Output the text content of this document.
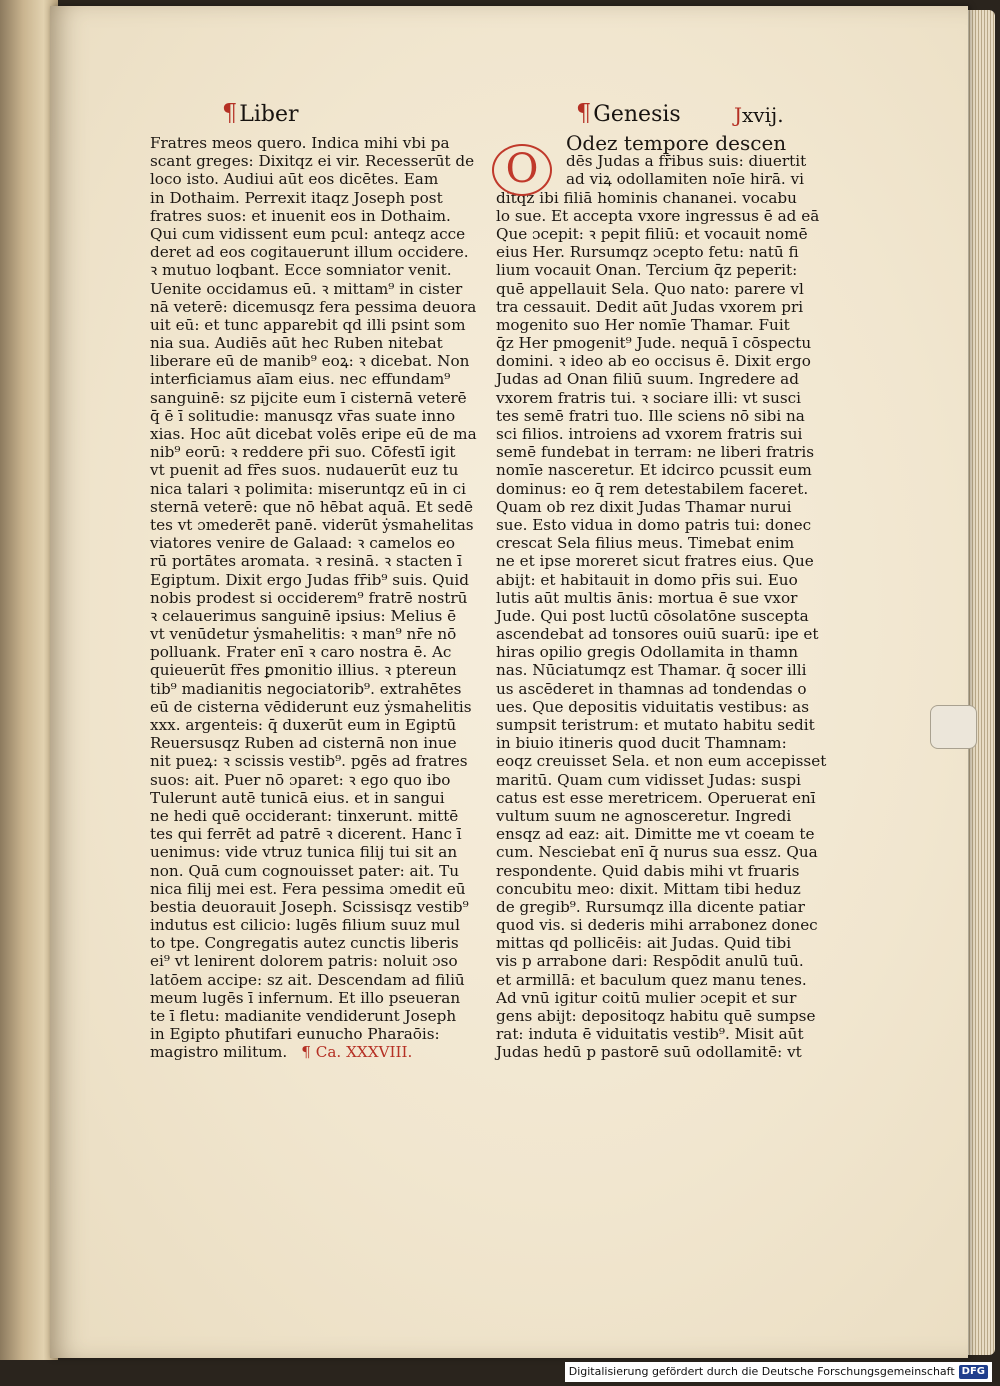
¶Liber	¶Genesis	Jxvij.
Fratres meos quero. Indica mihi vbi pa
scant greges: Dixitqz ei vir. Recesserūt de
loco isto. Audiui aūt eos dicētes. Eam
in Dothaim. Perrexit itaqz Joseph post
fratres suos: et inuenit eos in Dothaim.
Qui cum vidissent eum pcul: anteqz acce
deret ad eos cogitauerunt illum occidere.
ꝛ mutuo loqbant. Ecce somniator venit.
Uenite occidamus eū. ꝛ mittam⁹ in cister
nā veterē: dicemusqz fera pessima deuora
uit eū: et tunc apparebit qd illi psint som
nia sua. Audiēs aūt hec Ruben nitebat
liberare eū de manib⁹ eoꝝ: ꝛ dicebat. Non
interficiamus aīam eius. nec effundam⁹
sanguinē: sz pijcite eum ī cisternā veterē
q̄ ē ī solitudie: manusqz vr̄as suate inno
xias. Hoc aūt dicebat volēs eripe eū de ma
nib⁹ eorū: ꝛ reddere pr̄i suo. Cōfestī igit
vt puenit ad fr̄es suos. nudauerūt euz tu
nica talari ꝛ polimita: miseruntqz eū in ci
sternā veterē: que nō hēbat aquā. Et sedē
tes vt ɔmederēt panē. viderūt ẏsmahelitas
viatores venire de Galaad: ꝛ camelos eo
rū portātes aromata. ꝛ resinā. ꝛ stacten ī
Egiptum. Dixit ergo Judas fr̄ib⁹ suis. Quid
nobis prodest si occiderem⁹ fratrē nostrū
ꝛ celauerimus sanguinē ipsius: Melius ē
vt venūdetur ẏsmahelitis: ꝛ man⁹ nr̄e nō
polluank. Frater enī ꝛ caro nostra ē. Ac
quieuerūt fr̄es ꝑmonitio illius. ꝛ ptereun
tib⁹ madianitis negociatorib⁹. extrahētes
eū de cisterna vēdiderunt euz ẏsmahelitis
xxx. argenteis: q̄ duxerūt eum in Egiptū
Reuersusqz Ruben ad cisternā non inue
nit pueꝝ: ꝛ scissis vestib⁹. pgēs ad fratres
suos: ait. Puer nō ɔparet: ꝛ ego quo ibo
Tulerunt autē tunicā eius. et in sangui
ne hedi quē occiderant: tinxerunt. mittē
tes qui ferrēt ad patrē ꝛ dicerent. Hanc ī
uenimus: vide vtruz tunica filij tui sit an
non. Quā cum cognouisset pater: ait. Tu
nica filij mei est. Fera pessima ɔmedit eū
bestia deuorauit Joseph. Scissisqz vestib⁹
indutus est cilicio: lugēs filium suuz mul
to tpe. Congregatis autez cunctis liberis
ei⁹ vt lenirent dolorem patris: noluit ɔso
latōem accipe: sz ait. Descendam ad filiū
meum lugēs ī infernum. Et illo pseueran
te ī fletu: madianite vendiderunt Joseph
in Egipto pħutifari eunucho Pharaōis:
magistro militum. ¶ Ca. XXXVIII.
Odez tempore descen
dēs Judas a fr̄ibus suis: diuertit
ad viꝝ odollamiten noīe hirā. vi
ditqz ibi filiā hominis chananei. vocabu
lo sue. Et accepta vxore ingressus ē ad eā
Que ɔcepit: ꝛ pepit filiū: et vocauit nomē
eius Her. Rursumqz ɔcepto fetu: natū fi
lium vocauit Onan. Tercium q̄z peperit:
quē appellauit Sela. Quo nato: parere vl
tra cessauit. Dedit aūt Judas vxorem pri
mogenito suo Her nomīe Thamar. Fuit
q̄z Her pmogenit⁹ Jude. nequā ī cōspectu
domini. ꝛ ideo ab eo occisus ē. Dixit ergo
Judas ad Onan filiū suum. Ingredere ad
vxorem fratris tui. ꝛ sociare illi: vt susci
tes semē fratri tuo. Ille sciens nō sibi na
sci filios. introiens ad vxorem fratris sui
semē fundebat in terram: ne liberi fratris
nomīe nasceretur. Et idcirco pcussit eum
dominus: eo q̄ rem detestabilem faceret.
Quam ob rez dixit Judas Thamar nurui
sue. Esto vidua in domo patris tui: donec
crescat Sela filius meus. Timebat enim
ne et ipse moreret sicut fratres eius. Que
abijt: et habitauit in domo pr̄is sui. Euo
lutis aūt multis ānis: mortua ē sue vxor
Jude. Qui post luctū cōsolatōne suscepta
ascendebat ad tonsores ouiū suarū: ipe et
hiras opilio gregis Odollamita in thamn
nas. Nūciatumqz est Thamar. q̄ socer illi
us ascēderet in thamnas ad tondendas o
ues. Que depositis viduitatis vestibus: as
sumpsit teristrum: et mutato habitu sedit
in biuio itineris quod ducit Thamnam:
eoqz creuisset Sela. et non eum accepisset
maritū. Quam cum vidisset Judas: suspi
catus est esse meretricem. Operuerat enī
vultum suum ne agnosceretur. Ingredi
ensqz ad eaz: ait. Dimitte me vt coeam te
cum. Nesciebat enī q̄ nurus sua essz. Qua
respondente. Quid dabis mihi vt fruaris
concubitu meo: dixit. Mittam tibi heduz
de gregib⁹. Rursumqz illa dicente patiar
quod vis. si dederis mihi arrabonez donec
mittas qd pollicēis: ait Judas. Quid tibi
vis p arrabone dari: Respōdit anulū tuū.
et armillā: et baculum quez manu tenes.
Ad vnū igitur coitū mulier ɔcepit et sur
gens abijt: depositoqz habitu quē sumpse
rat: induta ē viduitatis vestib⁹. Misit aūt
Judas hedū p pastorē suū odollamitē: vt
O
Digitalisierung gefördert durch die Deutsche Forschungsgemeinschaft DFG
